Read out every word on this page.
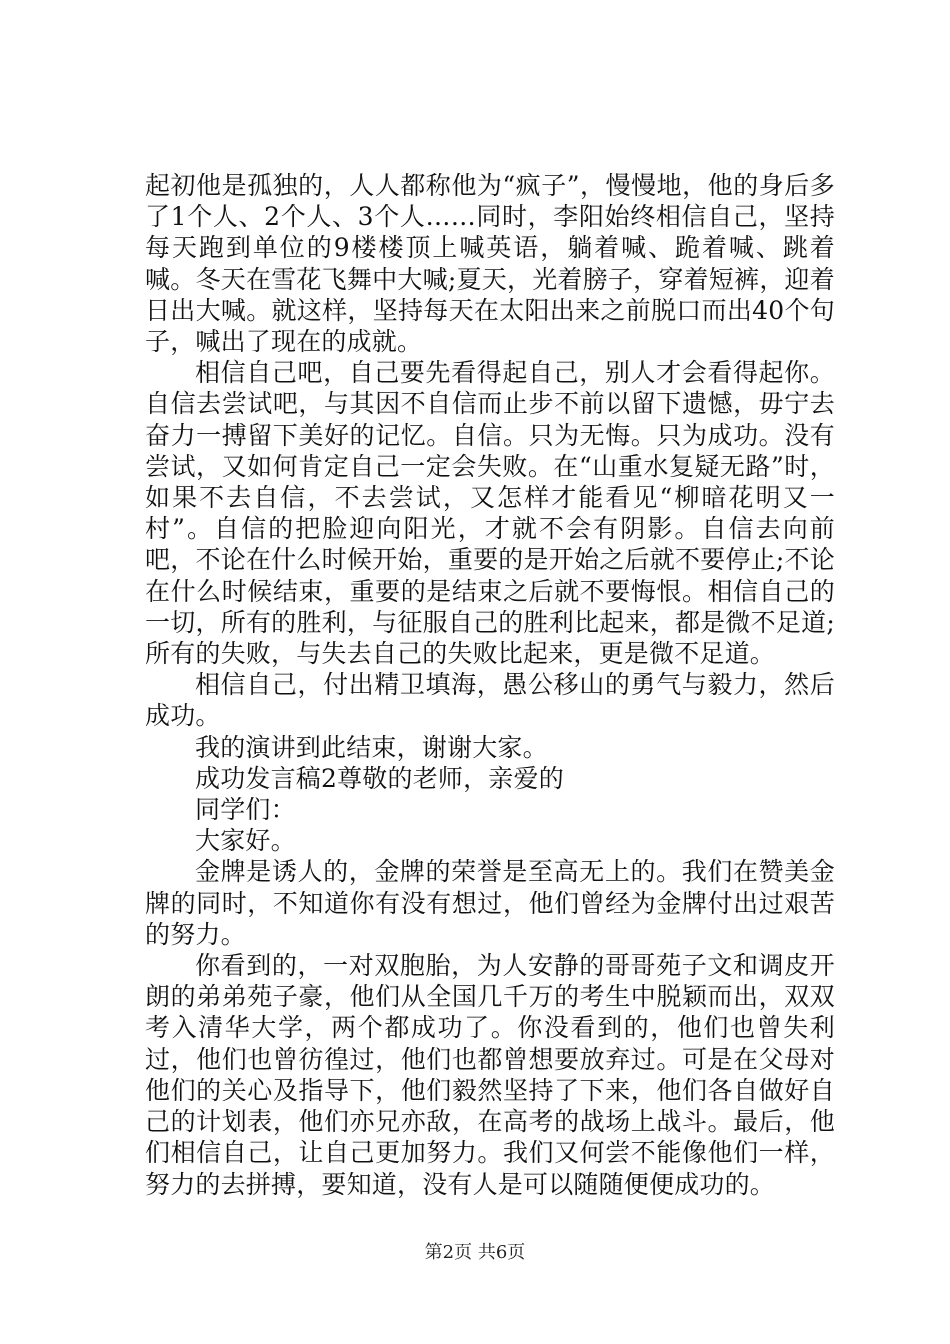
起初他是孤独的，人人都称他为“疯子”，慢慢地，他的身后多了1个人、2个人、3个人……同时，李阳始终相信自己，坚持每天跑到单位的9楼楼顶上喊英语，躺着喊、跪着喊、跳着喊。冬天在雪花飞舞中大喊;夏天，光着膀子，穿着短裤，迎着日出大喊。就这样，坚持每天在太阳出来之前脱口而出40个句子，喊出了现在的成就。

相信自己吧，自己要先看得起自己，别人才会看得起你。自信去尝试吧，与其因不自信而止步不前以留下遗憾，毋宁去奋力一搏留下美好的记忆。自信。只为无悔。只为成功。没有尝试，又如何肯定自己一定会失败。在“山重水复疑无路”时，如果不去自信，不去尝试，又怎样才能看见“柳暗花明又一村”。自信的把脸迎向阳光，才就不会有阴影。自信去向前吧，不论在什么时候开始，重要的是开始之后就不要停止;不论在什么时候结束，重要的是结束之后就不要悔恨。相信自己的一切，所有的胜利，与征服自己的胜利比起来，都是微不足道;所有的失败，与失去自己的失败比起来，更是微不足道。

相信自己，付出精卫填海，愚公移山的勇气与毅力，然后成功。

我的演讲到此结束，谢谢大家。

成功发言稿2尊敬的老师，亲爱的

同学们：

大家好。

金牌是诱人的，金牌的荣誉是至高无上的。我们在赞美金牌的同时，不知道你有没有想过，他们曾经为金牌付出过艰苦的努力。

你看到的，一对双胞胎，为人安静的哥哥苑子文和调皮开朗的弟弟苑子豪，他们从全国几千万的考生中脱颖而出，双双考入清华大学，两个都成功了。你没看到的，他们也曾失利过，他们也曾彷徨过，他们也都曾想要放弃过。可是在父母对他们的关心及指导下，他们毅然坚持了下来，他们各自做好自己的计划表，他们亦兄亦敌，在高考的战场上战斗。最后，他们相信自己，让自己更加努力。我们又何尝不能像他们一样，努力的去拼搏，要知道，没有人是可以随随便便成功的。

第2页 共6页
